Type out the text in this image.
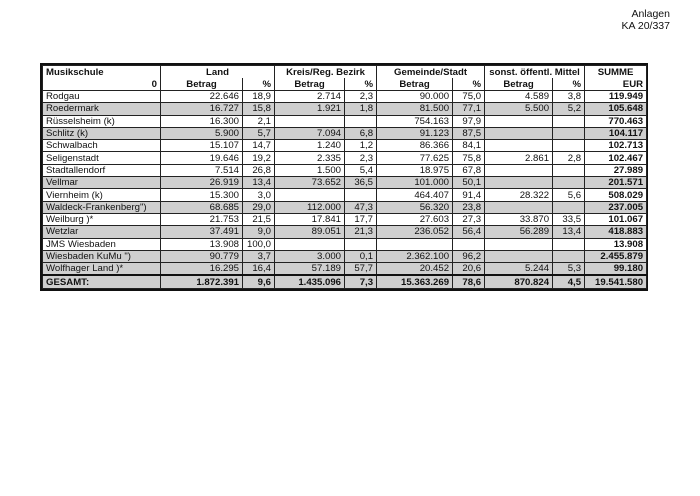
Anlagen
KA 20/337
Musikschule	Land		Kreis/Reg. Bezirk		Gemeinde/Stadt		sonst. öffentl. Mittel		SUMME
0	Betrag	%	Betrag	%	Betrag	%	Betrag	%	EUR
Rodgau	22.646	18,9	2.714	2,3	90.000	75,0	4.589	3,8	119.949
Roedermark	16.727	15,8	1.921	1,8	81.500	77,1	5.500	5,2	105.648
Rüsselsheim (k)	16.300	2,1			754.163	97,9			770.463
Schlitz (k)	5.900	5,7	7.094	6,8	91.123	87,5			104.117
Schwalbach	15.107	14,7	1.240	1,2	86.366	84,1			102.713
Seligenstadt	19.646	19,2	2.335	2,3	77.625	75,8	2.861	2,8	102.467
Stadtallendorf	7.514	26,8	1.500	5,4	18.975	67,8			27.989
Vellmar	26.919	13,4	73.652	36,5	101.000	50,1			201.571
Viernheim (k)	15.300	3,0			464.407	91,4	28.322	5,6	508.029
Waldeck-Frankenberg")	68.685	29,0	112.000	47,3	56.320	23,8			237.005
Weilburg )*	21.753	21,5	17.841	17,7	27.603	27,3	33.870	33,5	101.067
Wetzlar	37.491	9,0	89.051	21,3	236.052	56,4	56.289	13,4	418.883
JMS Wiesbaden	13.908	100,0							13.908
Wiesbaden KuMu ")	90.779	3,7	3.000	0,1	2.362.100	96,2			2.455.879
Wolfhager Land )*	16.295	16,4	57.189	57,7	20.452	20,6	5.244	5,3	99.180
GESAMT:	1.872.391	9,6	1.435.096	7,3	15.363.269	78,6	870.824	4,5	19.541.580
